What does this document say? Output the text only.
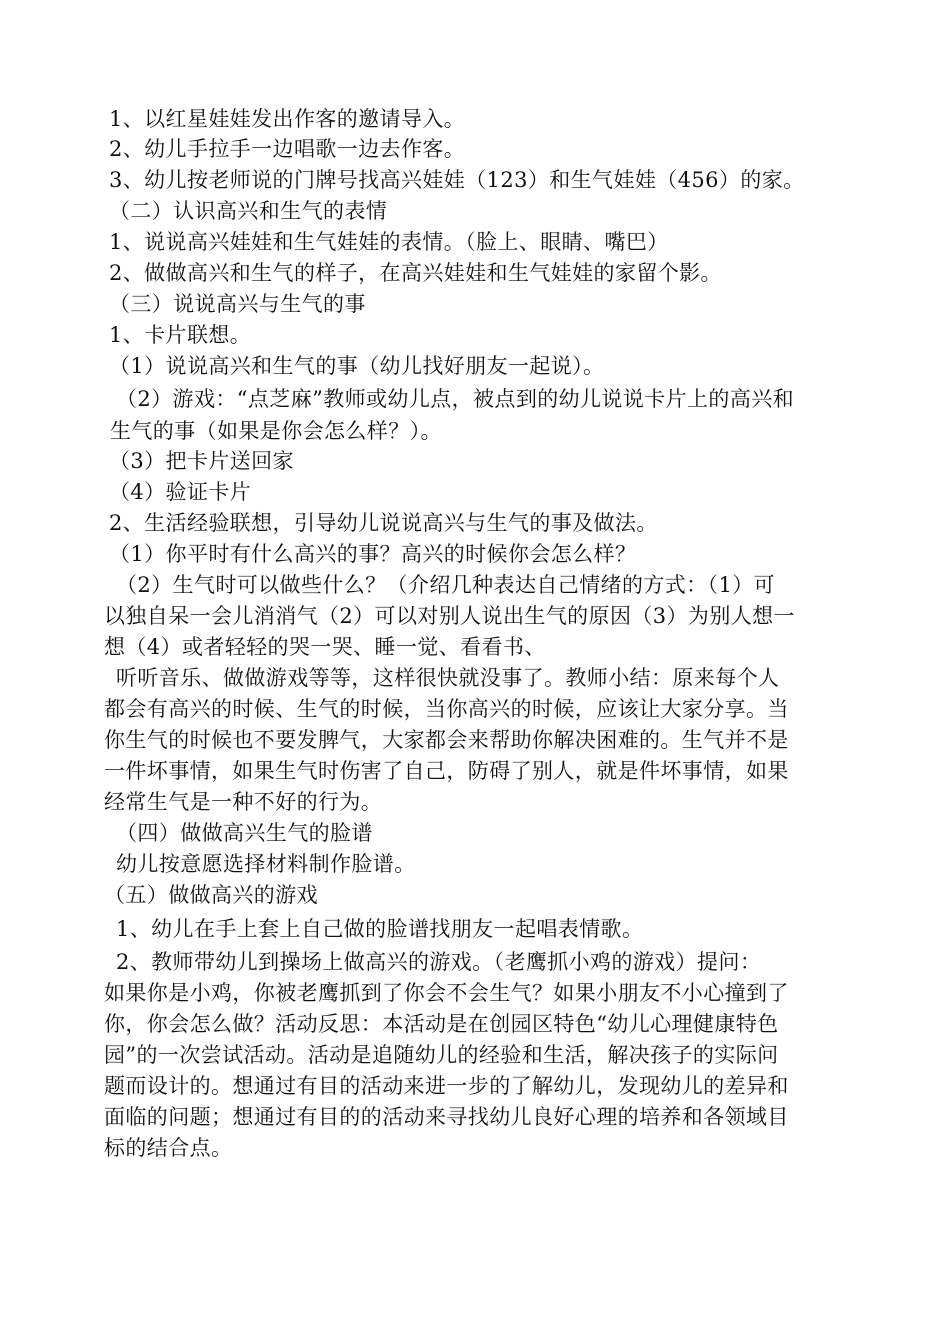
1、以红星娃娃发出作客的邀请导入。
2、幼儿手拉手一边唱歌一边去作客。
3、幼儿按老师说的门牌号找高兴娃娃（123）和生气娃娃（456）的家。
（二）认识高兴和生气的表情
1、说说高兴娃娃和生气娃娃的表情。（脸上、眼睛、嘴巴）
2、做做高兴和生气的样子，在高兴娃娃和生气娃娃的家留个影。
（三）说说高兴与生气的事
1、卡片联想。
（1）说说高兴和生气的事（幼儿找好朋友一起说）。
（2）游戏：“点芝麻”教师或幼儿点，被点到的幼儿说说卡片上的高兴和
生气的事（如果是你会怎么样？）。
（3）把卡片送回家
（4）验证卡片
2、生活经验联想，引导幼儿说说高兴与生气的事及做法。
（1）你平时有什么高兴的事？高兴的时候你会怎么样？
（2）生气时可以做些什么？（介绍几种表达自己情绪的方式：（1）可
以独自呆一会儿消消气（2）可以对别人说出生气的原因（3）为别人想一
想（4）或者轻轻的哭一哭、睡一觉、看看书、
听听音乐、做做游戏等等，这样很快就没事了。教师小结：原来每个人
都会有高兴的时候、生气的时候，当你高兴的时候，应该让大家分享。当
你生气的时候也不要发脾气，大家都会来帮助你解决困难的。生气并不是
一件坏事情，如果生气时伤害了自己，防碍了别人，就是件坏事情，如果
经常生气是一种不好的行为。
（四）做做高兴生气的脸谱
幼儿按意愿选择材料制作脸谱。
（五）做做高兴的游戏
1、幼儿在手上套上自己做的脸谱找朋友一起唱表情歌。
2、教师带幼儿到操场上做高兴的游戏。（老鹰抓小鸡的游戏）提问：
如果你是小鸡，你被老鹰抓到了你会不会生气？如果小朋友不小心撞到了
你，你会怎么做？活动反思：本活动是在创园区特色“幼儿心理健康特色
园”的一次尝试活动。活动是追随幼儿的经验和生活，解决孩子的实际问
题而设计的。想通过有目的活动来进一步的了解幼儿，发现幼儿的差异和
面临的问题；想通过有目的的活动来寻找幼儿良好心理的培养和各领域目
标的结合点。
